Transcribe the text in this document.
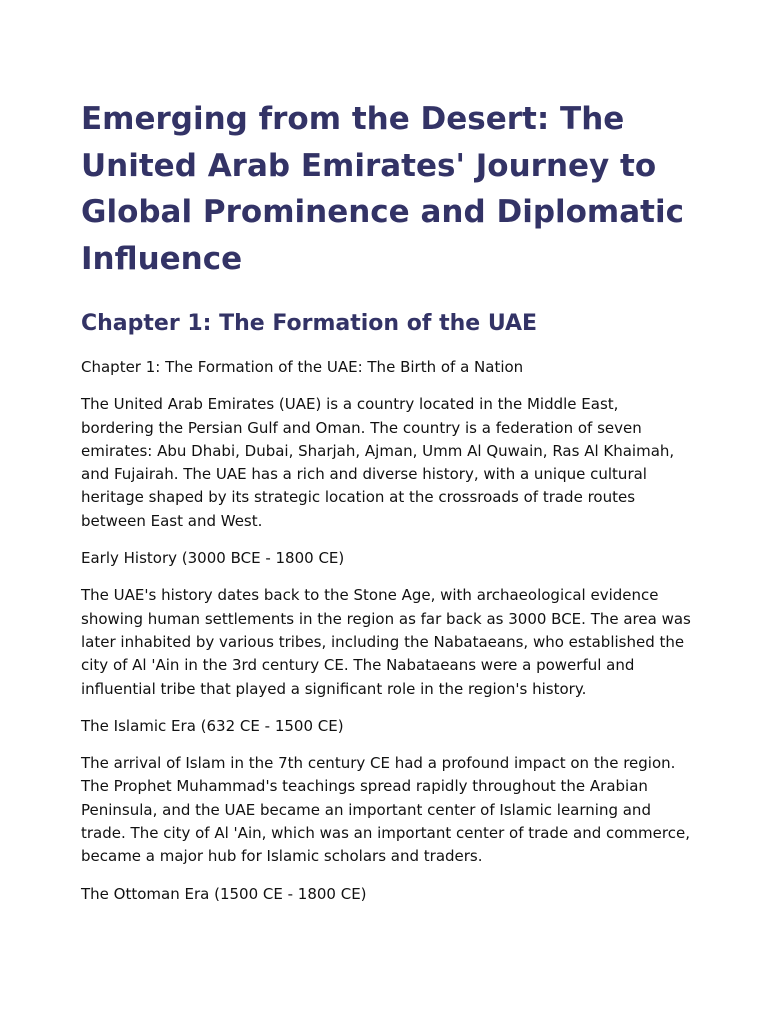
Emerging from the Desert: The United Arab Emirates' Journey to Global Prominence and Diplomatic Influence
Chapter 1: The Formation of the UAE

Chapter 1: The Formation of the UAE: The Birth of a Nation

The United Arab Emirates (UAE) is a country located in the Middle East, bordering the Persian Gulf and Oman. The country is a federation of seven emirates: Abu Dhabi, Dubai, Sharjah, Ajman, Umm Al Quwain, Ras Al Khaimah, and Fujairah. The UAE has a rich and diverse history, with a unique cultural heritage shaped by its strategic location at the crossroads of trade routes between East and West.

Early History (3000 BCE - 1800 CE)

The UAE's history dates back to the Stone Age, with archaeological evidence showing human settlements in the region as far back as 3000 BCE. The area was later inhabited by various tribes, including the Nabataeans, who established the city of Al 'Ain in the 3rd century CE. The Nabataeans were a powerful and influential tribe that played a significant role in the region's history.

The Islamic Era (632 CE - 1500 CE)

The arrival of Islam in the 7th century CE had a profound impact on the region. The Prophet Muhammad's teachings spread rapidly throughout the Arabian Peninsula, and the UAE became an important center of Islamic learning and trade. The city of Al 'Ain, which was an important center of trade and commerce, became a major hub for Islamic scholars and traders.

The Ottoman Era (1500 CE - 1800 CE)
